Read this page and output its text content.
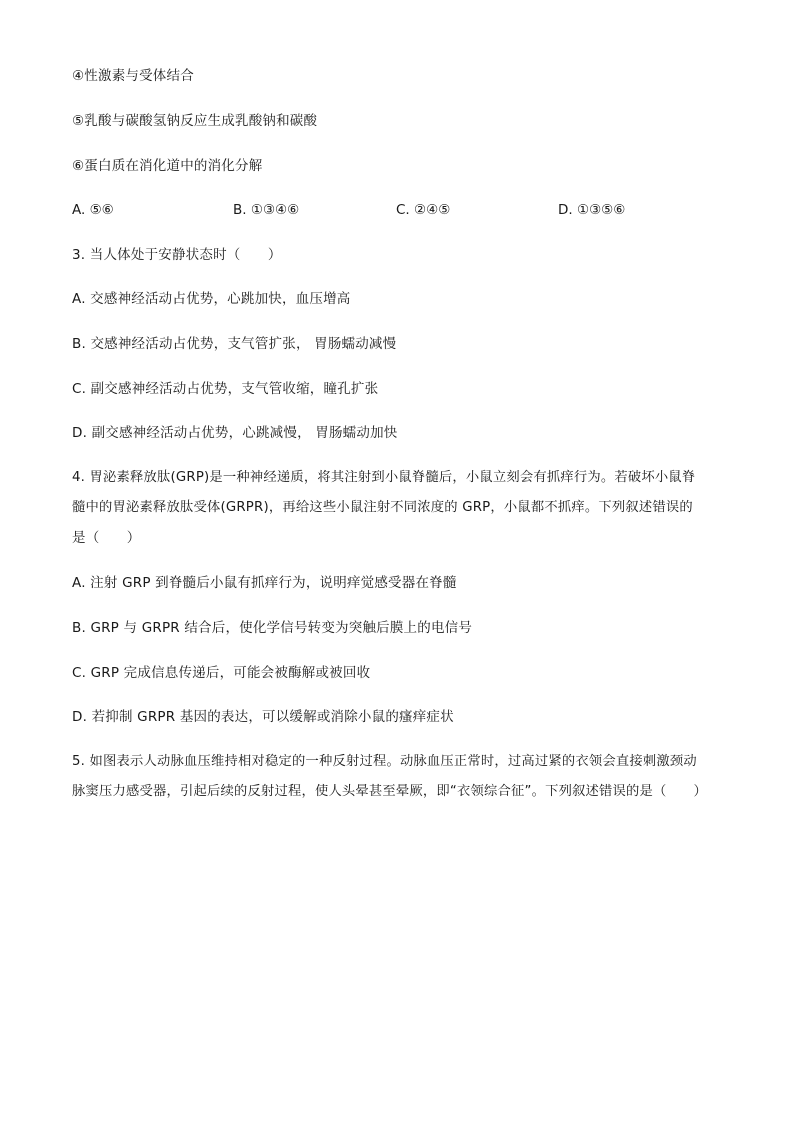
④性激素与受体结合
⑤乳酸与碳酸氢钠反应生成乳酸钠和碳酸
⑥蛋白质在消化道中的消化分解
A. ⑤⑥	B. ①③④⑥	C. ②④⑤	D. ①③⑤⑥
3. 当人体处于安静状态时（　　）
A. 交感神经活动占优势，心跳加快，血压增高
B. 交感神经活动占优势，支气管扩张， 胃肠蠕动减慢
C. 副交感神经活动占优势，支气管收缩，瞳孔扩张
D. 副交感神经活动占优势，心跳减慢， 胃肠蠕动加快
4. 胃泌素释放肽(GRP)是一种神经递质，将其注射到小鼠脊髓后，小鼠立刻会有抓痒行为。若破坏小鼠脊
髓中的胃泌素释放肽受体(GRPR)，再给这些小鼠注射不同浓度的 GRP，小鼠都不抓痒。下列叙述错误的
是（　　）
A. 注射 GRP 到脊髓后小鼠有抓痒行为，说明痒觉感受器在脊髓
B. GRP 与 GRPR 结合后，使化学信号转变为突触后膜上的电信号
C. GRP 完成信息传递后，可能会被酶解或被回收
D. 若抑制 GRPR 基因的表达，可以缓解或消除小鼠的瘙痒症状
5. 如图表示人动脉血压维持相对稳定的一种反射过程。动脉血压正常时，过高过紧的衣领会直接刺激颈动
脉窦压力感受器，引起后续的反射过程，使人头晕甚至晕厥，即“衣领综合征”。下列叙述错误的是（　　）
